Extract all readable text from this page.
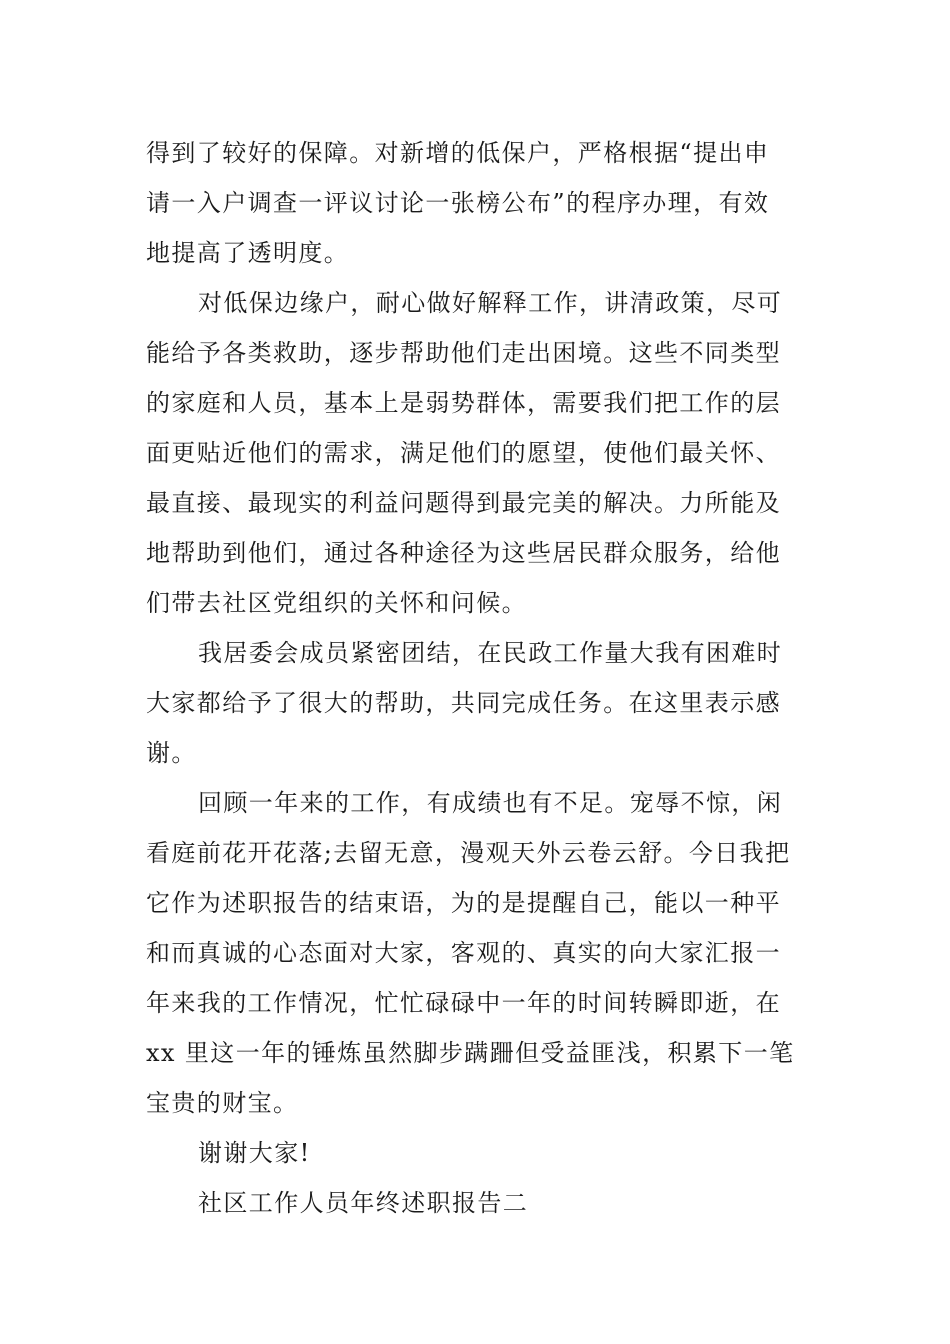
得到了较好的保障。对新增的低保户，严格根据“提出申
请一入户调查一评议讨论一张榜公布”的程序办理，有效
地提高了透明度。
对低保边缘户，耐心做好解释工作，讲清政策，尽可
能给予各类救助，逐步帮助他们走出困境。这些不同类型
的家庭和人员，基本上是弱势群体，需要我们把工作的层
面更贴近他们的需求，满足他们的愿望，使他们最关怀、
最直接、最现实的利益问题得到最完美的解决。力所能及
地帮助到他们，通过各种途径为这些居民群众服务，给他
们带去社区党组织的关怀和问候。
我居委会成员紧密团结，在民政工作量大我有困难时
大家都给予了很大的帮助，共同完成任务。在这里表示感
谢。
回顾一年来的工作，有成绩也有不足。宠辱不惊，闲
看庭前花开花落;去留无意，漫观天外云卷云舒。今日我把
它作为述职报告的结束语，为的是提醒自己，能以一种平
和而真诚的心态面对大家，客观的、真实的向大家汇报一
年来我的工作情况，忙忙碌碌中一年的时间转瞬即逝，在
xx 里这一年的锤炼虽然脚步蹒跚但受益匪浅，积累下一笔
宝贵的财宝。
谢谢大家!
社区工作人员年终述职报告二
